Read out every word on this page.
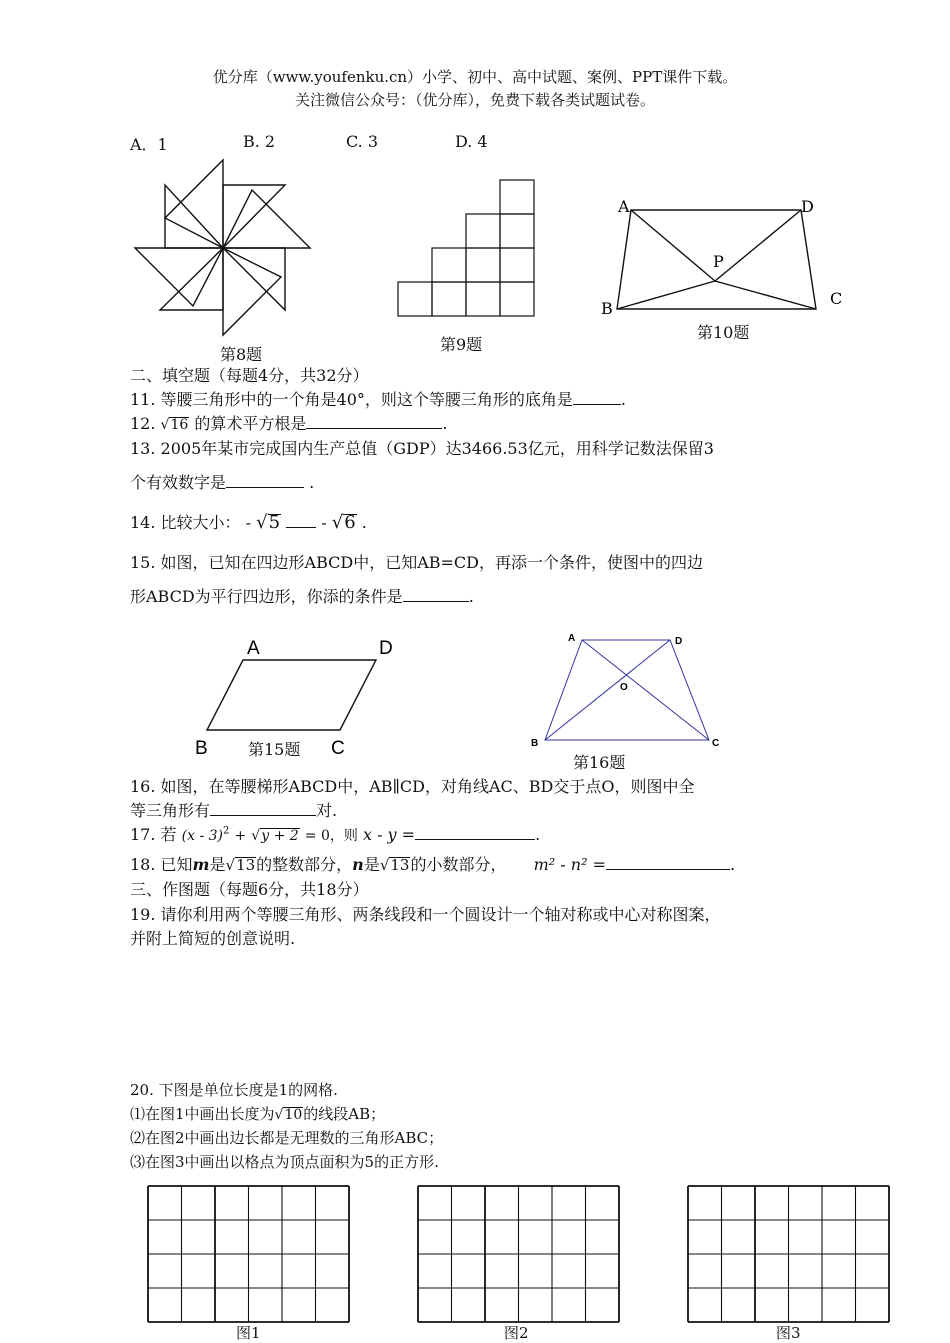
优分库（www.youfenku.cn）小学、初中、高中试题、案例、PPT课件下载。
关注微信公众号：（优分库），免费下载各类试题试卷。
A．1	B. 2	C. 3	D. 4
第8题
第9题
A	D
P
B
C
第10题
二、填空题（每题4分，共32分）
11. 等腰三角形中的一个角是40°，则这个等腰三角形的底角是	.
12. √16 的算术平方根是	.
13. 2005年某市完成国内生产总值（GDP）达3466.53亿元，用科学记数法保留3
个有效数字是	.
14. 比较大小： - √5	- √6 .
15. 如图，已知在四边形ABCD中，已知AB=CD，再添一个条件，使图中的四边
形ABCD为平行四边形，你添的条件是	.
A	D
B	C
第15题
A	D
O
B	C
第16题
16. 如图，在等腰梯形ABCD中，AB∥CD，对角线AC、BD交于点O，则图中全
等三角形有	对.
17. 若 (x - 3)$^2$ + √y + 2 = 0，则 x - y =	.
18. 已知m是√13的整数部分，n是√13的小数部分， m² - n² =	.
三、作图题（每题6分，共18分）
19. 请你利用两个等腰三角形、两条线段和一个圆设计一个轴对称或中心对称图案，
并附上简短的创意说明.
20. 下图是单位长度是1的网格.
⑴在图1中画出长度为√10的线段AB；
⑵在图2中画出边长都是无理数的三角形ABC；
⑶在图3中画出以格点为顶点面积为5的正方形.
图1	图2	图3
